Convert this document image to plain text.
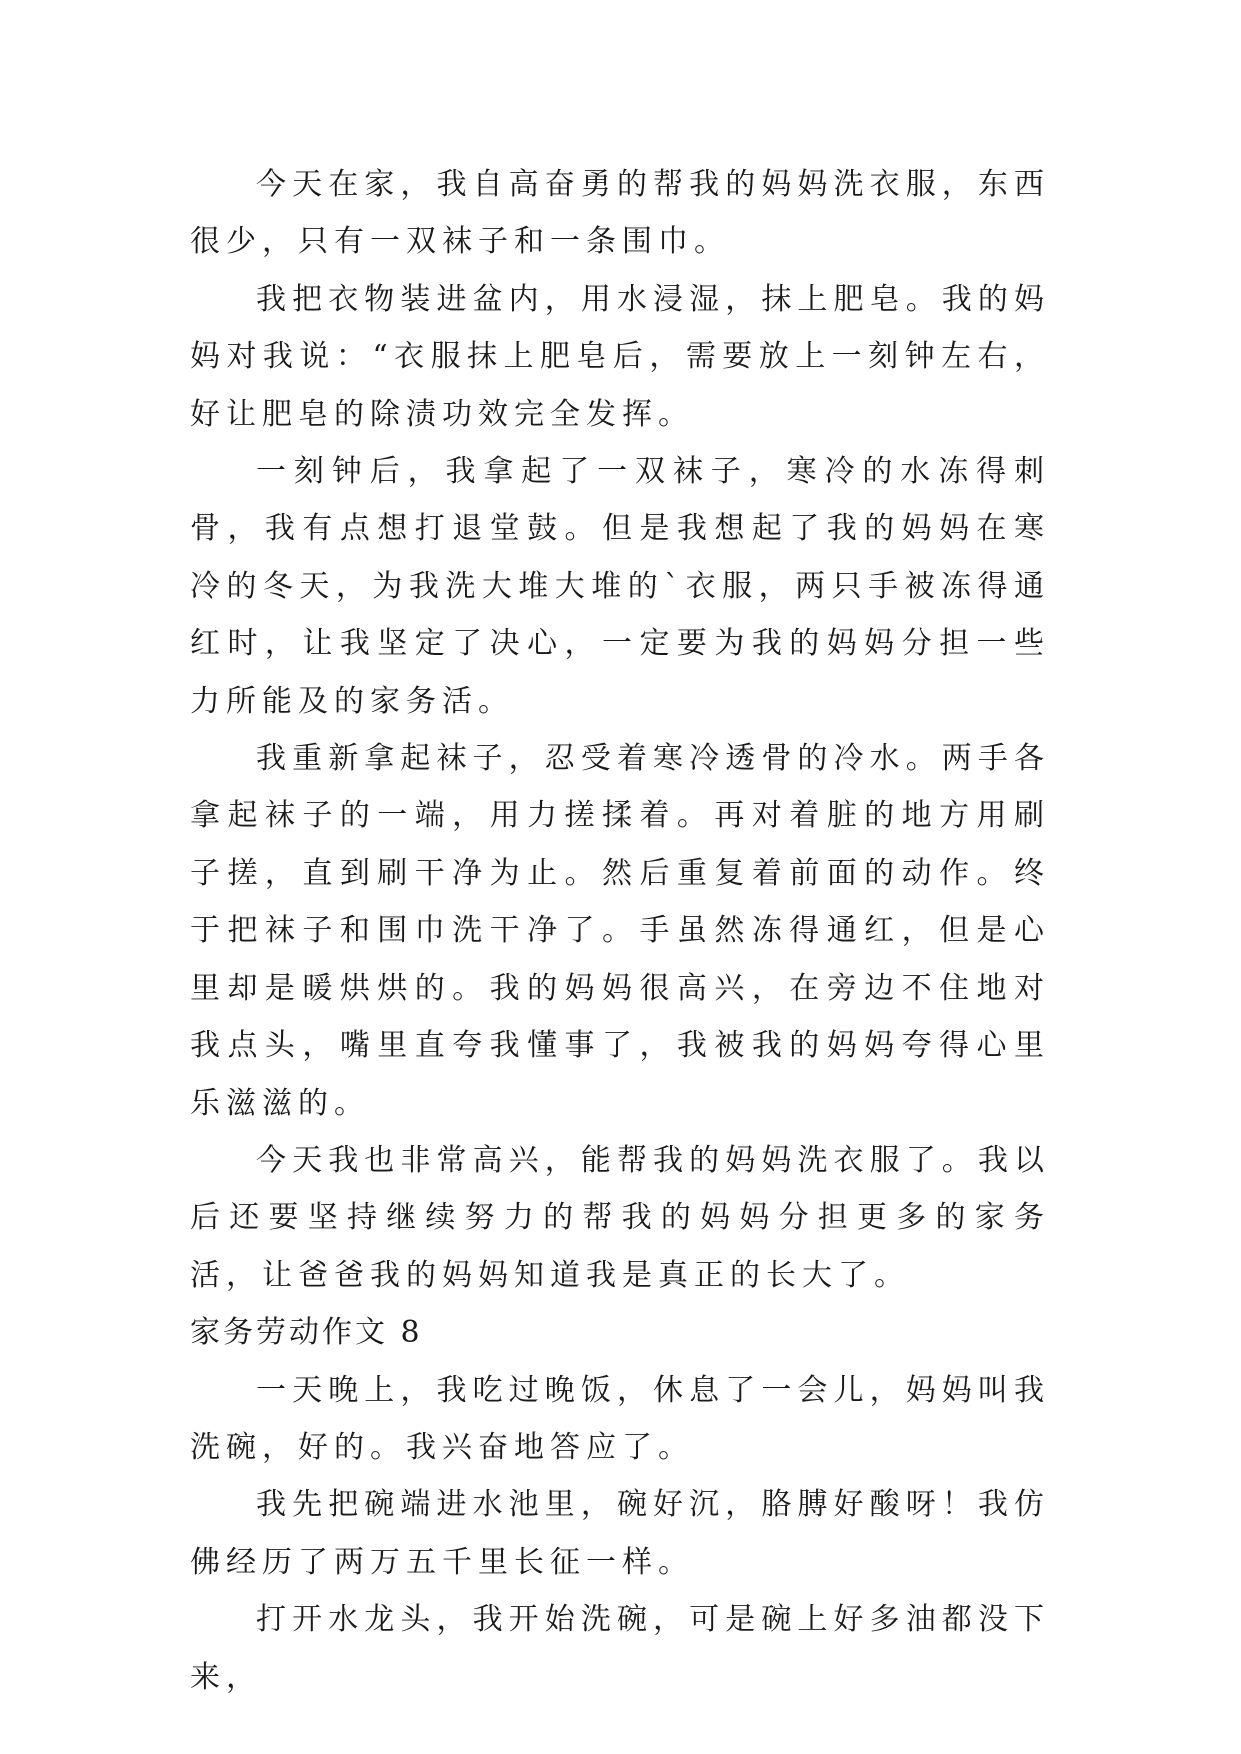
今天在家，我自高奋勇的帮我的妈妈洗衣服，东西很少，只有一双袜子和一条围巾。

我把衣物装进盆内，用水浸湿，抹上肥皂。我的妈妈对我说：“衣服抹上肥皂后，需要放上一刻钟左右，好让肥皂的除渍功效完全发挥。

一刻钟后，我拿起了一双袜子，寒冷的水冻得刺骨，我有点想打退堂鼓。但是我想起了我的妈妈在寒冷的冬天，为我洗大堆大堆的`衣服，两只手被冻得通红时，让我坚定了决心，一定要为我的妈妈分担一些力所能及的家务活。

我重新拿起袜子，忍受着寒冷透骨的冷水。两手各拿起袜子的一端，用力搓揉着。再对着脏的地方用刷子搓，直到刷干净为止。然后重复着前面的动作。终于把袜子和围巾洗干净了。手虽然冻得通红，但是心里却是暖烘烘的。我的妈妈很高兴，在旁边不住地对我点头，嘴里直夸我懂事了，我被我的妈妈夸得心里乐滋滋的。

今天我也非常高兴，能帮我的妈妈洗衣服了。我以后还要坚持继续努力的帮我的妈妈分担更多的家务活，让爸爸我的妈妈知道我是真正的长大了。

家务劳动作文 8

一天晚上，我吃过晚饭，休息了一会儿，妈妈叫我洗碗，好的。我兴奋地答应了。

我先把碗端进水池里，碗好沉，胳膊好酸呀！我仿佛经历了两万五千里长征一样。

打开水龙头，我开始洗碗，可是碗上好多油都没下来，
